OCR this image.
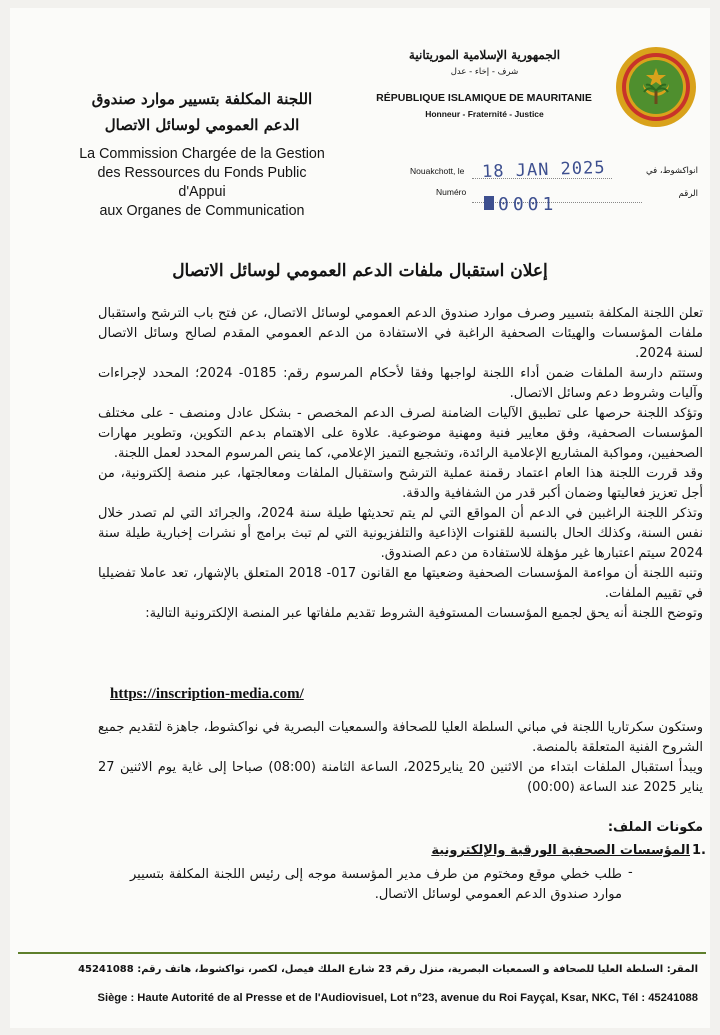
اللجنة المكلفة بتسيير موارد صندوق
الدعم العمومي لوسائل الاتصال
La Commission Chargée de la Gestion
des Ressources du Fonds Public d'Appui
aux Organes de Communication
الجمهورية الإسلامية الموريتانية
شرف - إخاء - عدل
RÉPUBLIQUE ISLAMIQUE DE MAURITANIE
Honneur - Fraternité - Justice
Nouakchott, le	انواكشوط، في
18 JAN 2025
Numéro	الرقم
0001
إعلان استقبال ملفات الدعم العمومي لوسائل الاتصال

تعلن اللجنة المكلفة بتسيير وصرف موارد صندوق الدعم العمومي لوسائل الاتصال، عن فتح باب الترشح واستقبال ملفات المؤسسات والهيئات الصحفية الراغبة في الاستفادة من الدعم العمومي المقدم لصالح وسائل الاتصال لسنة 2024.

وستتم دارسة الملفات ضمن أداء اللجنة لواجبها وفقا لأحكام المرسوم رقم: 0185- 2024؛ المحدد لإجراءات وآليات وشروط دعم وسائل الاتصال.

وتؤكد اللجنة حرصها على تطبيق الآليات الضامنة لصرف الدعم المخصص - بشكل عادل ومنصف - على مختلف المؤسسات الصحفية، وفق معايير فنية ومهنية موضوعية. علاوة على الاهتمام بدعم التكوين، وتطوير مهارات الصحفيين، ومواكبة المشاريع الإعلامية الرائدة، وتشجيع التميز الإعلامي، كما ينص المرسوم المحدد لعمل اللجنة.

وقد قررت اللجنة هذا العام اعتماد رقمنة عملية الترشح واستقبال الملفات ومعالجتها، عبر منصة إلكترونية، من أجل تعزيز فعاليتها وضمان أكبر قدر من الشفافية والدقة.

وتذكر اللجنة الراغبين في الدعم أن المواقع التي لم يتم تحديثها طيلة سنة 2024، والجرائد التي لم تصدر خلال نفس السنة، وكذلك الحال بالنسبة للقنوات الإذاعية والتلفزيونية التي لم تبث برامج أو نشرات إخبارية طيلة سنة 2024 سيتم اعتبارها غير مؤهلة للاستفادة من دعم الصندوق.

وتنبه اللجنة أن مواءمة المؤسسات الصحفية وضعيتها مع القانون 017- 2018 المتعلق بالإشهار، تعد عاملا تفضيليا في تقييم الملفات.

وتوضح اللجنة أنه يحق لجميع المؤسسات المستوفية الشروط تقديم ملفاتها عبر المنصة الإلكترونية التالية:

https://inscription-media.com/

وستكون سكرتاريا اللجنة في مباني السلطة العليا للصحافة والسمعيات البصرية في نواكشوط، جاهزة لتقديم جميع الشروح الفنية المتعلقة بالمنصة.

ويبدأ استقبال الملفات ابتداء من الاثنين 20 يناير2025، الساعة الثامنة (08:00) صباحا إلى غاية يوم الاثنين 27 يناير 2025 عند الساعة (00:00)

مكونات الملف:
1.
المؤسسات الصحفية الورقية والإلكترونية
-
طلب خطي موقع ومختوم من طرف مدير المؤسسة موجه إلى رئيس اللجنة المكلفة بتسيير موارد صندوق الدعم العمومي لوسائل الاتصال.
المقر: السلطة العليا للصحافة و السمعيات البصرية، منزل رقم 23 شارع الملك فيصل، لكصر، نواكشوط، هاتف رقم: 45241088
Siège : Haute Autorité de al Presse et de l'Audiovisuel, Lot n°23, avenue du Roi Fayçal, Ksar, NKC, Tél : 45241088
